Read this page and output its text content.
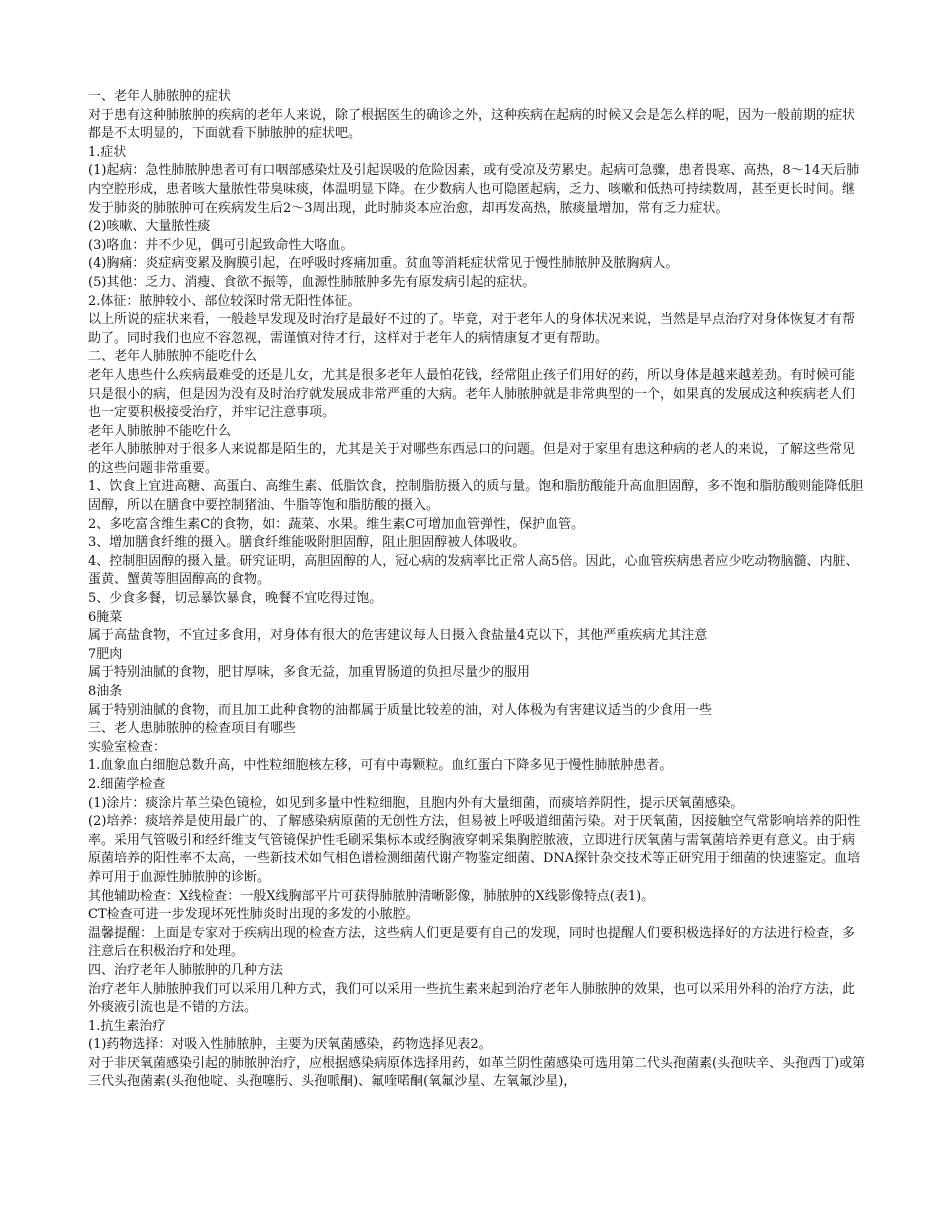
一、老年人肺脓肿的症状

对于患有这种肺脓肿的疾病的老年人来说，除了根据医生的确诊之外，这种疾病在起病的时候又会是怎么样的呢，因为一般前期的症状都是不太明显的，下面就看下肺脓肿的症状吧。

1.症状

(1)起病：急性肺脓肿患者可有口咽部感染灶及引起误吸的危险因素，或有受凉及劳累史。起病可急骤，患者畏寒、高热，8～14天后肺内空腔形成，患者咳大量脓性带臭味痰，体温明显下降。在少数病人也可隐匿起病，乏力、咳嗽和低热可持续数周，甚至更长时间。继发于肺炎的肺脓肿可在疾病发生后2～3周出现，此时肺炎本应治愈，却再发高热，脓痰量增加，常有乏力症状。

(2)咳嗽、大量脓性痰

(3)咯血：并不少见，偶可引起致命性大咯血。

(4)胸痛：炎症病变累及胸膜引起，在呼吸时疼痛加重。贫血等消耗症状常见于慢性肺脓肿及脓胸病人。

(5)其他：乏力、消瘦、食欲不振等，血源性肺脓肿多先有原发病引起的症状。

2.体征：脓肿较小、部位较深时常无阳性体征。

以上所说的症状来看，一般趁早发现及时治疗是最好不过的了。毕竟，对于老年人的身体状况来说，当然是早点治疗对身体恢复才有帮助了。同时我们也应不容忽视，需谨慎对待才行，这样对于老年人的病情康复才更有帮助。

二、老年人肺脓肿不能吃什么

老年人患些什么疾病最难受的还是儿女，尤其是很多老年人最怕花钱，经常阻止孩子们用好的药，所以身体是越来越差劲。有时候可能只是很小的病，但是因为没有及时治疗就发展成非常严重的大病。老年人肺脓肿就是非常典型的一个，如果真的发展成这种疾病老人们也一定要积极接受治疗，并牢记注意事项。

老年人肺脓肿不能吃什么

老年人肺脓肿对于很多人来说都是陌生的，尤其是关于对哪些东西忌口的问题。但是对于家里有患这种病的老人的来说，了解这些常见的这些问题非常重要。

1、饮食上宜进高糖、高蛋白、高维生素、低脂饮食，控制脂肪摄入的质与量。饱和脂肪酸能升高血胆固醇，多不饱和脂肪酸则能降低胆固醇，所以在膳食中要控制猪油、牛脂等饱和脂肪酸的摄入。

2、多吃富含维生素C的食物，如：蔬菜、水果。维生素C可增加血管弹性，保护血管。

3、增加膳食纤维的摄入。膳食纤维能吸附胆固醇，阻止胆固醇被人体吸收。

4、控制胆固醇的摄入量。研究证明，高胆固醇的人，冠心病的发病率比正常人高5倍。因此，心血管疾病患者应少吃动物脑髓、内脏、蛋黄、蟹黄等胆固醇高的食物。

5、少食多餐，切忌暴饮暴食，晚餐不宜吃得过饱。

6腌菜

属于高盐食物，不宜过多食用，对身体有很大的危害建议每人日摄入食盐量4克以下，其他严重疾病尤其注意

7肥肉

属于特别油腻的食物，肥甘厚味，多食无益，加重胃肠道的负担尽量少的服用

8油条

属于特别油腻的食物，而且加工此种食物的油都属于质量比较差的油，对人体极为有害建议适当的少食用一些

三、老人患肺脓肿的检查项目有哪些

实验室检查：

1.血象血白细胞总数升高，中性粒细胞核左移，可有中毒颗粒。血红蛋白下降多见于慢性肺脓肿患者。

2.细菌学检查

(1)涂片：痰涂片革兰染色镜检，如见到多量中性粒细胞，且胞内外有大量细菌，而痰培养阴性，提示厌氧菌感染。

(2)培养：痰培养是使用最广的、了解感染病原菌的无创性方法，但易被上呼吸道细菌污染。对于厌氧菌，因接触空气常影响培养的阳性率。采用气管吸引和经纤维支气管镜保护性毛刷采集标本或经胸液穿刺采集胸腔脓液，立即进行厌氧菌与需氧菌培养更有意义。由于病原菌培养的阳性率不太高，一些新技术如气相色谱检测细菌代谢产物鉴定细菌、DNA探针杂交技术等正研究用于细菌的快速鉴定。血培养可用于血源性肺脓肿的诊断。

其他辅助检查：X线检查：一般X线胸部平片可获得肺脓肿清晰影像，肺脓肿的X线影像特点(表1)。

CT检查可进一步发现坏死性肺炎时出现的多发的小脓腔。

温馨提醒：上面是专家对于疾病出现的检查方法，这些病人们更是要有自己的发现，同时也提醒人们要积极选择好的方法进行检查，多注意后在积极治疗和处理。

四、治疗老年人肺脓肿的几种方法

治疗老年人肺脓肿我们可以采用几种方式，我们可以采用一些抗生素来起到治疗老年人肺脓肿的效果，也可以采用外科的治疗方法，此外痰液引流也是不错的方法。

1.抗生素治疗

(1)药物选择：对吸入性肺脓肿，主要为厌氧菌感染，药物选择见表2。

对于非厌氧菌感染引起的肺脓肿治疗，应根据感染病原体选择用药，如革兰阴性菌感染可选用第二代头孢菌素(头孢呋辛、头孢西丁)或第三代头孢菌素(头孢他啶、头孢噻肟、头孢哌酮)、氟喹喏酮(氧氟沙星、左氧氟沙星)，
